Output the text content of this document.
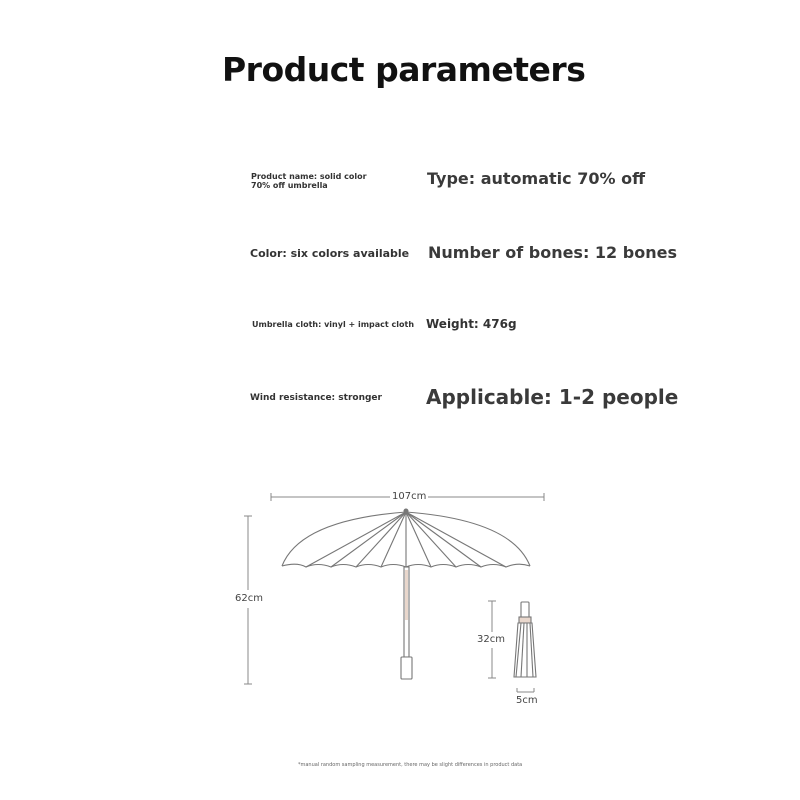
Product parameters
Product name: solid color 70% off umbrella	Type: automatic 70% off
Color: six colors available Number of bones: 12 bones
Umbrella cloth: vinyl + impact cloth Weight: 476g
Wind resistance: stronger Applicable: 1-2 people
107cm
62cm
32cm
5cm
*manual random sampling measurement, there may be slight differences in product data
